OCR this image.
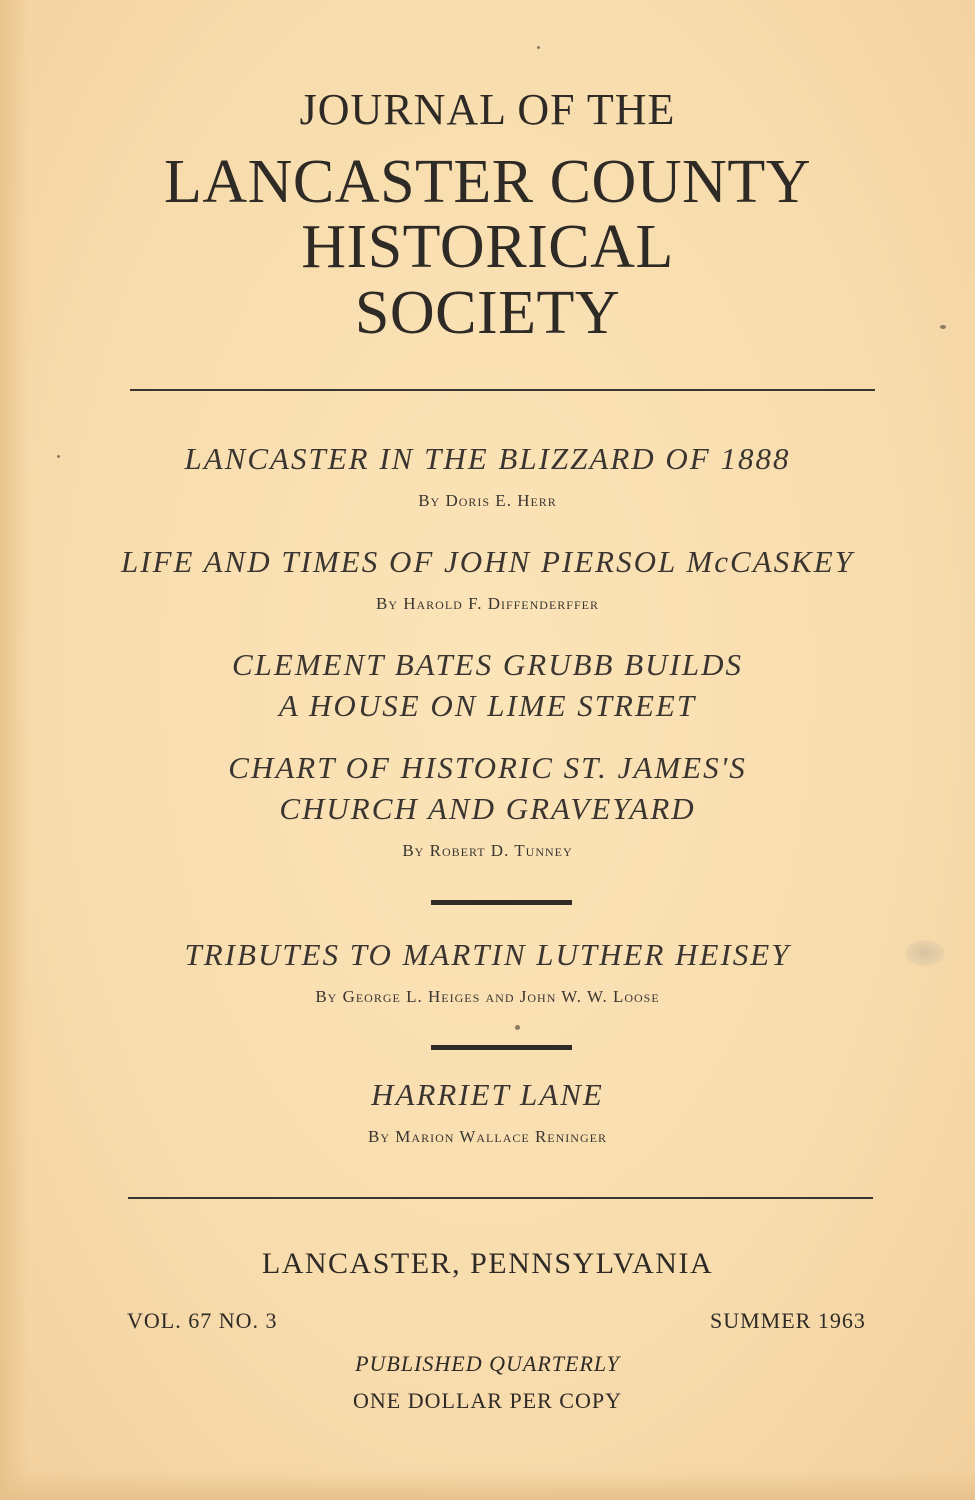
JOURNAL OF THE
LANCASTER COUNTY
HISTORICAL
SOCIETY
LANCASTER IN THE BLIZZARD OF 1888
By Doris E. Herr
LIFE AND TIMES OF JOHN PIERSOL McCASKEY
By Harold F. Diffenderffer
CLEMENT BATES GRUBB BUILDS
A HOUSE ON LIME STREET
CHART OF HISTORIC ST. JAMES'S
CHURCH AND GRAVEYARD
By Robert D. Tunney
TRIBUTES TO MARTIN LUTHER HEISEY
By George L. Heiges and John W. W. Loose
HARRIET LANE
By Marion Wallace Reninger
LANCASTER, PENNSYLVANIA
VOL. 67 NO. 3	SUMMER 1963
PUBLISHED QUARTERLY
ONE DOLLAR PER COPY
